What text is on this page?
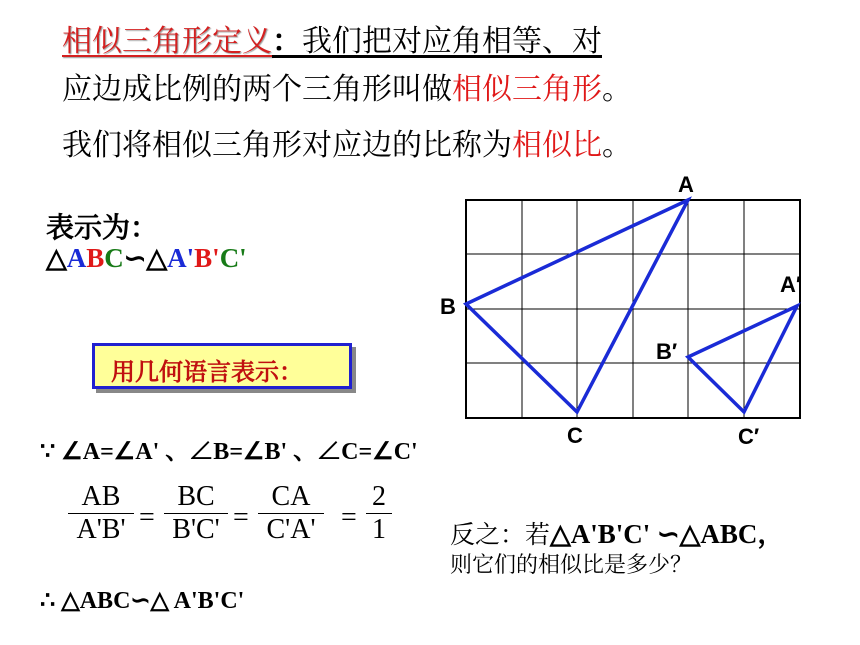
相似三角形定义：我们把对应角相等、对
应边成比例的两个三角形叫做相似三角形。
我们将相似三角形对应边的比称为相似比。
表示为：
△ABC∽△A'B'C'
用几何语言表示：
∵ ∠A=∠A' 、∠B=∠B' 、∠C=∠C'
$\frac{AB}{A'B'} = \frac{BC}{B'C'} = \frac{CA}{C'A'} = \frac{2}{1}$
∴ △ABC∽△ A'B'C'
反之：若△A'B'C' ∽△ABC，
则它们的相似比是多少？
A
B
C
A′
B′
C′
